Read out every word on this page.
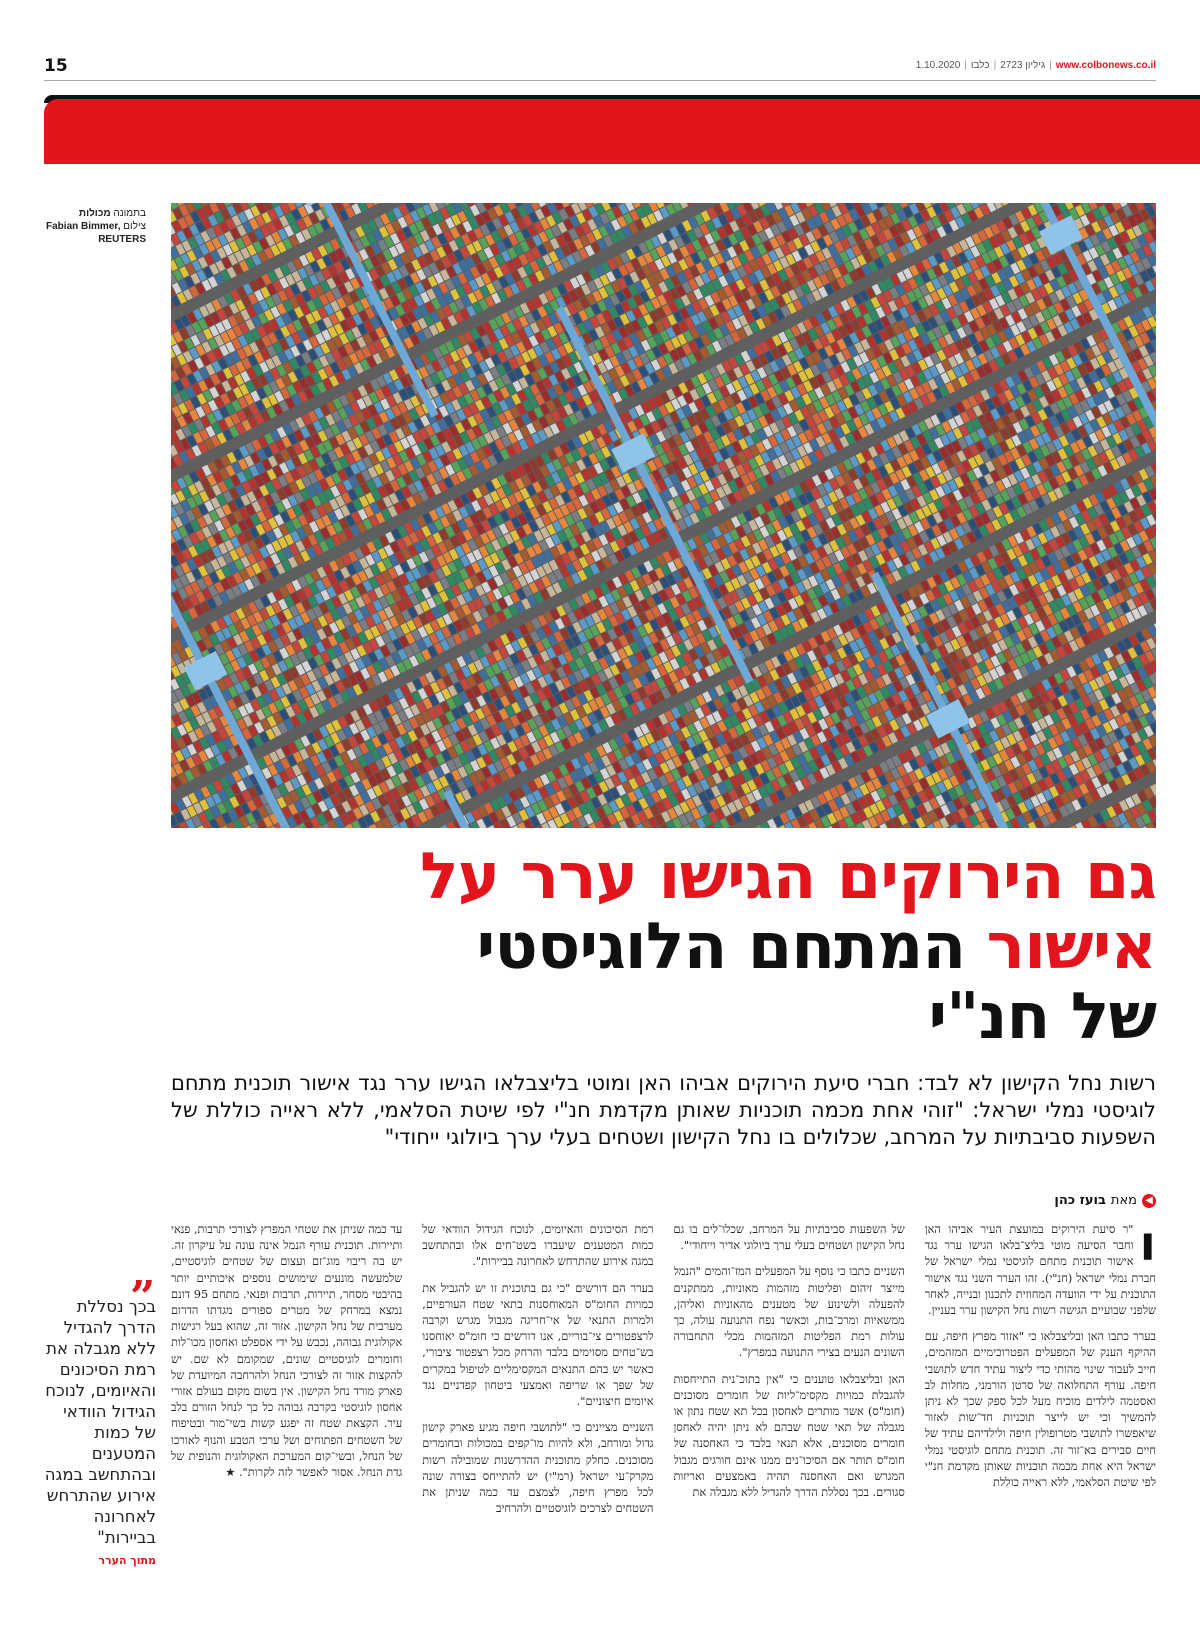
15	1.10.2020 |	גיליון 2723|כלבו	| www.colbonews.co.il
בתמונה מכולות
צילום Fabian Bimmer, REUTERS
גם הירוקים הגישו ערר על
אישור המתחם הלוגיסטי
של חנ"י

רשות נחל הקישון לא לבד: חברי סיעת הירוקים אביהו האן ומוטי בליצבלאו הגישו ערר נגד אישור תוכנית מתחם לוגיסטי נמלי ישראל: "זוהי אחת מכמה תוכניות שאותן מקדמת חנ"י לפי שיטת הסלאמי, ללא ראייה כוללת של השפעות סביבתיות על המרחב, שכלולים בו נחל הקישון ושטחים בעלי ערך ביולוגי ייחודי"

◀
מאת
בועז כהן
ו

"ר סיעת הירוקים במועצת העיר אביהו האן וחבר הסיעה מוטי בליצ־בלאו הגישו ערר נגד אישור תוכנית מתחם לוגיסטי נמלי ישראל של חברת נמלי ישראל (חנ"י). זהו הערר השני נגד אישור התוכנית על ידי הוועדה המחוזית לתכנון ובנייה, לאחר שלפני שבועיים הגישה רשות נחל הקישון ערר בעניין.

בערר כתבו האן ובליצבלאו כי "אזור מפרץ חיפה, עם ההיקף הענק של המפעלים הפטרוכימיים המזהמים, חייב לעבור שינוי מהותי כדי ליצור עתיד חדש לתושבי חיפה. עורף התחלואה של סרטן הורמני, מחלות לב ואסטמה לילדים מוכיח מעל לכל ספק שכך לא ניתן להמשיך וכי יש לייצר תוכניות חד־שות לאזור שיאפשרו לתושבי מטרופולין חיפה ולילדיהם עתיד של חיים סבירים בא־זור זה. תוכנית מתחם לוגיסטי נמלי ישראל היא אחת מכמה תוכניות שאותן מקדמת חנ"י לפי שיטת הסלאמי, ללא ראייה כוללת

של השפעות סביבתיות על המרחב, שכלו־לים בו גם נחל הקישון ושטחים בעלי ערך ביולוגי אדיר וייחודי".

השניים כתבו כי נוסף על המפעלים המז־והמים "הנמל מייצר זיהום ופליטות מזהמות מאוניות, ממתקנים להפעלה ולשינוע של מטענים מהאוניות ואליהן, ממשאיות ומרכ־בות, וכאשר נפח התנועה עולה, כך עולות רמת הפליטות המזהמות מכלי התחבורה השונים הנעים בצירי התנועה במפרץ".

האן ובליצבלאו טוענים כי "אין בתוכ־נית התייחסות להגבלת כמויות מקסימ־ליות של חומרים מסוכנים (חומ"ס) אשר מותרים לאחסון בכל תא שטח נתון או מגבלה של תאי שטח שבהם לא ניתן יהיה לאחסן חומרים מסוכנים, אלא תנאי בלבד כי האחסנה של חומ"ס תותר אם הסיכו־נים ממנו אינם חורגים מגבול המגרש ואם האחסנה תהיה באמצעים ואריזות סגורים. בכך נסללת הדרך להגדיל ללא מגבלה את

רמת הסיכונים והאיומים, לנוכח הגידול הוודאי של כמות המטענים שיעברו בשט־חים אלו ובהתחשב במגה אירוע שהתרחש לאחרונה בביירות".

בערר הם דורשים "כי גם בתוכנית זו יש להגביל את כמויות החומ"ס המאוחסנות בתאי שטח העורפיים, ולמרות התנאי של אי־חריגה מגבול מגרש וקרבה לרצפטורים צי־בוריים, אנו דורשים כי חומ"ס יאוחסנו בש־טחים מסוימים בלבד והרחק מכל רצפטור ציבורי, כאשר יש בהם התנאים המקסימליים לטיפול במקרים של שפך או שריפה ואמצעי ביטחון קפדניים נגד איומים חיצוניים".

השניים מציינים כי "לתושבי חיפה מגיע פארק קישון גדול ומורחב, ולא להיות מו־קפים במכולות ובחומרים מסוכנים. כחלק מתוכנית ההדרשנות שמובילה רשות מקרק־עי ישראל (רמ"י) יש להתייחס בצורה שונה לכל מפרץ חיפה, לצמצם עד כמה שניתן את השטחים לצרכים לוגיסטיים ולהרחיב

עד כמה שניתן את שטחי המפרץ לצורכי תרבות, פנאי ותיירות. תוכנית עורף הנמל אינה עונה על עיקרון זה. יש בה ריבוי מוג־זם ועצום של שטחים לוגיסטיים, שלמעשה מונעים שימושים נוספים איכותיים יותר בהיבטי מסחר, תיירות, תרבות ופנאי. מתחם 95 דונם נמצא במרחק של מטרים ספורים מגדתו הדרום מערבית של נחל הקישון. אזור זה, שהוא בעל רגישות אקולוגית גבוהה, נכבש על ידי אספלט ואחסון מכו־לות וחומרים לוגיסטיים שונים, שמקומם לא שם. יש להקצות אזור זה לצורכי הנחל ולהרחבה המיועדת של פארק מורד נחל הקישון. אין בשום מקום בעולם אזורי אחסון לוגיסטי בקרבה גבוהה כל כך לנחל הזורם בלב עיר. הקצאת שטח זה יפגע קשות בשי־מור ובטיפוח של השטחים הפתוחים ושל ערכי הטבע והנוף לאורכו של הנחל, ובשי־קום המערכת האקולוגית והנופית של גדת הנחל. אסור לאפשר לזה לקרות". ★

„
בכך נסללת הדרך להגדיל ללא מגבלה את רמת הסיכונים והאיומים, לנוכח הגידול הוודאי של כמות המטענים ובהתחשב במגה אירוע שהתרחש לאחרונה בביירות"
מתוך הערר
